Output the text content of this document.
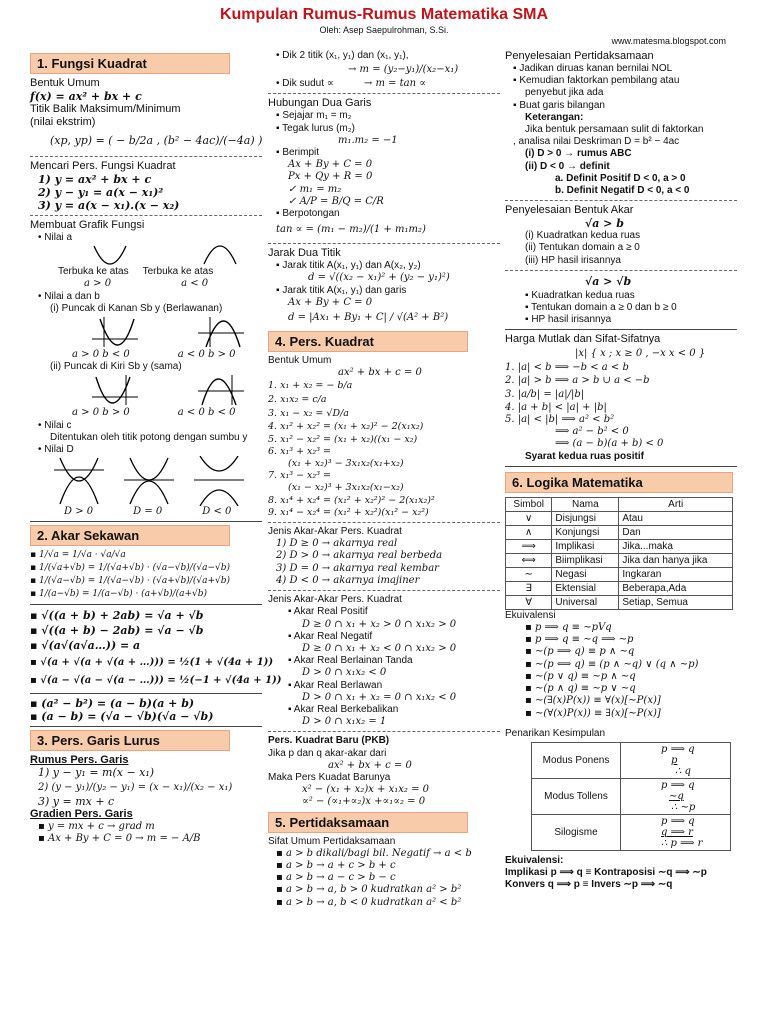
Kumpulan Rumus-Rumus Matematika SMA
Oleh: Asep Saepulrohman, S.Si.
www.matesma.blogspot.com
1. Fungsi Kuadrat
Bentuk Umum
f(x) = ax² + bx + c
Titik Balik Maksimum/Minimum
(nilai ekstrim)
(xp, yp) = ( − b/2a , (b² − 4ac)/(−4a) )
Mencari Pers. Fungsi Kuadrat
1) y = ax² + bx + c
2) y − y₁ = a(x − x₁)²
3) y = a(x − x₁).(x − x₂)
Membuat Grafik Fungsi
• Nilai a
Terbuka ke atas Terbuka ke atas
a > 0	a < 0
• Nilai a dan b
(i) Puncak di Kanan Sb y (Berlawanan)
a > 0 b < 0	a < 0 b > 0
(ii) Puncak di Kiri Sb y (sama)
a > 0 b > 0	a < 0 b < 0
• Nilai c
Ditentukan oleh titik potong dengan sumbu y
• Nilai D
D > 0	D = 0	D < 0
2. Akar Sekawan
▪ 1/√a = 1/√a · √a/√a
▪ 1/(√a+√b) = 1/(√a+√b) · (√a−√b)/(√a−√b)
▪ 1/(√a−√b) = 1/(√a−√b) · (√a+√b)/(√a+√b)
▪ 1/(a−√b) = 1/(a−√b) · (a+√b)/(a+√b)
▪ √((a + b) + 2ab) = √a + √b
▪ √((a + b) − 2ab) = √a − √b
▪ √(a√(a√a…)) = a
▪ √(a + √(a + √(a + …))) = ½(1 + √(4a + 1))
▪ √(a − √(a − √(a − …))) = ½(−1 + √(4a + 1))
▪ (a² − b²) = (a − b)(a + b)
▪ (a − b) = (√a − √b)(√a − √b)
3. Pers. Garis Lurus
Rumus Pers. Garis
1) y − y₁ = m(x − x₁)
2) (y − y₁)/(y₂ − y₁) = (x − x₁)/(x₂ − x₁)
3) y = mx + c
Gradien Pers. Garis
▪ y = mx + c → grad m
▪ Ax + By + C = 0 → m = − A/B
• Dik 2 titik (x₁, y₁) dan (x₁, y₁),
→ m = (y₂−y₁)/(x₂−x₁)
• Dik sudut ∝	→ m = tan ∝
Hubungan Dua Garis
▪ Sejajar m₁ = m₂
▪ Tegak lurus (m₂)
m₁.m₂ = −1
▪ Berimpit
Ax + By + C = 0
Px + Qy + R = 0
✓ m₁ = m₂
✓ A/P = B/Q = C/R
▪ Berpotongan
tan ∝ = (m₁ − m₂)/(1 + m₁m₂)
Jarak Dua Titik
▪ Jarak titik A(x₁, y₁) dan A(x₂, y₂)
d = √((x₂ − x₁)² + (y₂ − y₁)²)
▪ Jarak titik A(x₁, y₁) dan garis
Ax + By + C = 0
d = |Ax₁ + By₁ + C| / √(A² + B²)
4. Pers. Kuadrat
Bentuk Umum
ax² + bx + c = 0
1. x₁ + x₂ = − b/a
2. x₁x₂ = c/a
3. x₁ − x₂ = √D/a
4. x₁² + x₂² = (x₁ + x₂)² − 2(x₁x₂)
5. x₁² − x₂² = (x₁ + x₂)((x₁ − x₂)
6. x₁³ + x₂³ =
(x₁ + x₂)³ − 3x₁x₂(x₁+x₂)
7. x₁³ − x₂³ =
(x₁ − x₂)³ + 3x₁x₂(x₁−x₂)
8. x₁⁴ + x₂⁴ = (x₁² + x₂²)² − 2(x₁x₂)²
9. x₁⁴ − x₂⁴ = (x₁² + x₂²)(x₁² − x₂²)
Jenis Akar-Akar Pers. Kuadrat
1) D ≥ 0 → akarnya real
2) D > 0 → akarnya real berbeda
3) D = 0 → akarnya real kembar
4) D < 0 → akarnya imajiner
Jenis Akar-Akar Pers. Kuadrat
▪ Akar Real Positif
D ≥ 0 ∩ x₁ + x₂ > 0 ∩ x₁x₂ > 0
▪ Akar Real Negatif
D ≥ 0 ∩ x₁ + x₂ < 0 ∩ x₁x₂ > 0
▪ Akar Real Berlainan Tanda
D > 0 ∩ x₁x₂ < 0
▪ Akar Real Berlawan
D > 0 ∩ x₁ + x₂ = 0 ∩ x₁x₂ < 0
▪ Akar Real Berkebalikan
D > 0 ∩ x₁x₂ = 1
Pers. Kuadrat Baru (PKB)
Jika p dan q akar-akar dari
ax² + bx + c = 0
Maka Pers Kuadat Barunya
x² − (x₁ + x₂)x + x₁x₂ = 0
∝² − (∝₁+∝₂)x +∝₁∝₂ = 0
5. Pertidaksamaan
Sifat Umum Pertidaksamaan
▪ a > b dikali/bagi bil. Negatif → a < b
▪ a > b → a + c > b + c
▪ a > b → a − c > b − c
▪ a > b → a, b > 0 kudratkan a² > b²
▪ a > b → a, b < 0 kudratkan a² < b²
Penyelesaian Pertidaksamaan
▪ Jadikan diruas kanan bernilai NOL
▪ Kemudian faktorkan pembilang atau
penyebut jika ada
▪ Buat garis bilangan
Keterangan:
Jika bentuk persamaan sulit di faktorkan
, analisa nilai Deskriman D = b² − 4ac
(i) D > 0 → rumus ABC
(ii) D < 0 → definit
a. Definit Positif D < 0, a > 0
b. Definit Negatif D < 0, a < 0
Penyelesaian Bentuk Akar
√a > b
(i) Kuadratkan kedua ruas
(ii) Tentukan domain a ≥ 0
(iii) HP hasil irisannya
√a > √b
▪ Kuadratkan kedua ruas
▪ Tentukan domain a ≥ 0 dan b ≥ 0
▪ HP hasil irisannya
Harga Mutlak dan Sifat-Sifatnya
|x| { x ; x ≥ 0 , −x x < 0 }
1. |a| < b ⟹ −b < a < b
2. |a| > b ⟹ a > b ∪ a < −b
3. |a/b| = |a|/|b|
4. |a + b| < |a| + |b|
5. |a| < |b| ⟹ a² < b²
⟹ a² − b² < 0
⟹ (a − b)(a + b) < 0
Syarat kedua ruas positif
6. Logika Matematika
Simbol	Nama	Arti
∨	Disjungsi	Atau
∧	Konjungsi	Dan
⟹	Implikasi	Jika...maka
⟺	Biimplikasi	Jika dan hanya jika
∼	Negasi	Ingkaran
∃	Ektensial	Beberapa,Ada
∀	Universal	Setiap, Semua
Ekuivalensi
▪ p ⟹ q ≡ ∼pVq
▪ p ⟹ q ≡ ∼q ⟹ ∼p
▪ ∼(p ⟹ q) ≡ p ∧ ∼q
▪ ∼(p ⟺ q) ≡ (p ∧ ∼q) ∨ (q ∧ ∼p)
▪ ∼(p ∨ q) ≡ ∼p ∧ ∼q
▪ ∼(p ∧ q) ≡ ∼p ∨ ∼q
▪ ∼(∃(x)P(x)) ≡ ∀(x)[∼P(x)]
▪ ∼(∀(x)P(x)) ≡ ∃(x)[∼P(x)]
Penarikan Kesimpulan
Modus Ponens	p ⟹ q
p
∴ q

Modus Tollens	p ⟹ q
∼q
∴ ∼p

Silogisme	p ⟹ q
q ⟹ r
∴ p ⟹ r
Ekuivalensi:
Implikasi p ⟹ q ≡ Kontraposisi ∼q ⟹ ∼p
Konvers q ⟹ p ≡ Invers ∼p ⟹ ∼q
